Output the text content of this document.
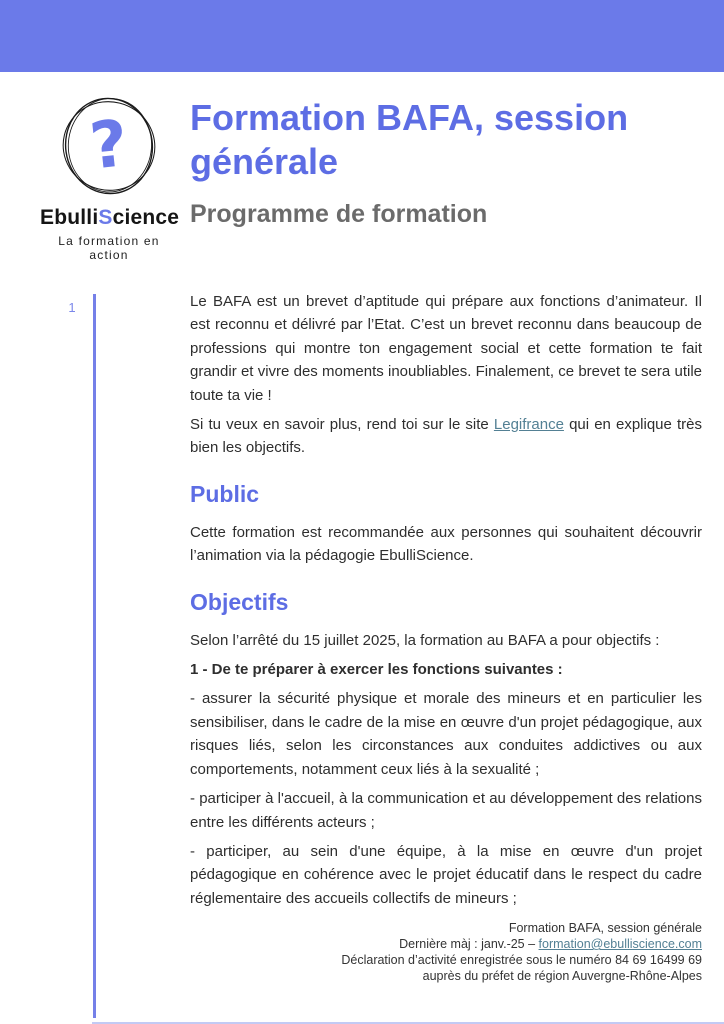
?
EbulliScience
La formation en action
Formation BAFA, session générale
Programme de formation
1	Le BAFA est un brevet d’aptitude qui prépare aux fonctions d’animateur. Il est reconnu et délivré par l’Etat. C’est un brevet reconnu dans beaucoup de professions qui montre ton engagement social et cette formation te fait grandir et vivre des moments inoubliables. Finalement, ce brevet te sera utile toute ta vie !

Si tu veux en savoir plus, rend toi sur le site Legifrance qui en explique très bien les objectifs.

Public

Cette formation est recommandée aux personnes qui souhaitent découvrir l’animation via la pédagogie EbulliScience.

Objectifs

Selon l’arrêté du 15 juillet 2025, la formation au BAFA a pour objectifs :

1 - De te préparer à exercer les fonctions suivantes :

- assurer la sécurité physique et morale des mineurs et en particulier les sensibiliser, dans le cadre de la mise en œuvre d'un projet pédagogique, aux risques liés, selon les circonstances aux conduites addictives ou aux comportements, notamment ceux liés à la sexualité ;

- participer à l'accueil, à la communication et au développement des relations entre les différents acteurs ;

- participer, au sein d'une équipe, à la mise en œuvre d'un projet pédagogique en cohérence avec le projet éducatif dans le respect du cadre réglementaire des accueils collectifs de mineurs ;

Formation BAFA, session générale
Dernière màj : janv.-25 – formation@ebulliscience.com
Déclaration d’activité enregistrée sous le numéro 84 69 16499 69
auprès du préfet de région Auvergne-Rhône-Alpes
